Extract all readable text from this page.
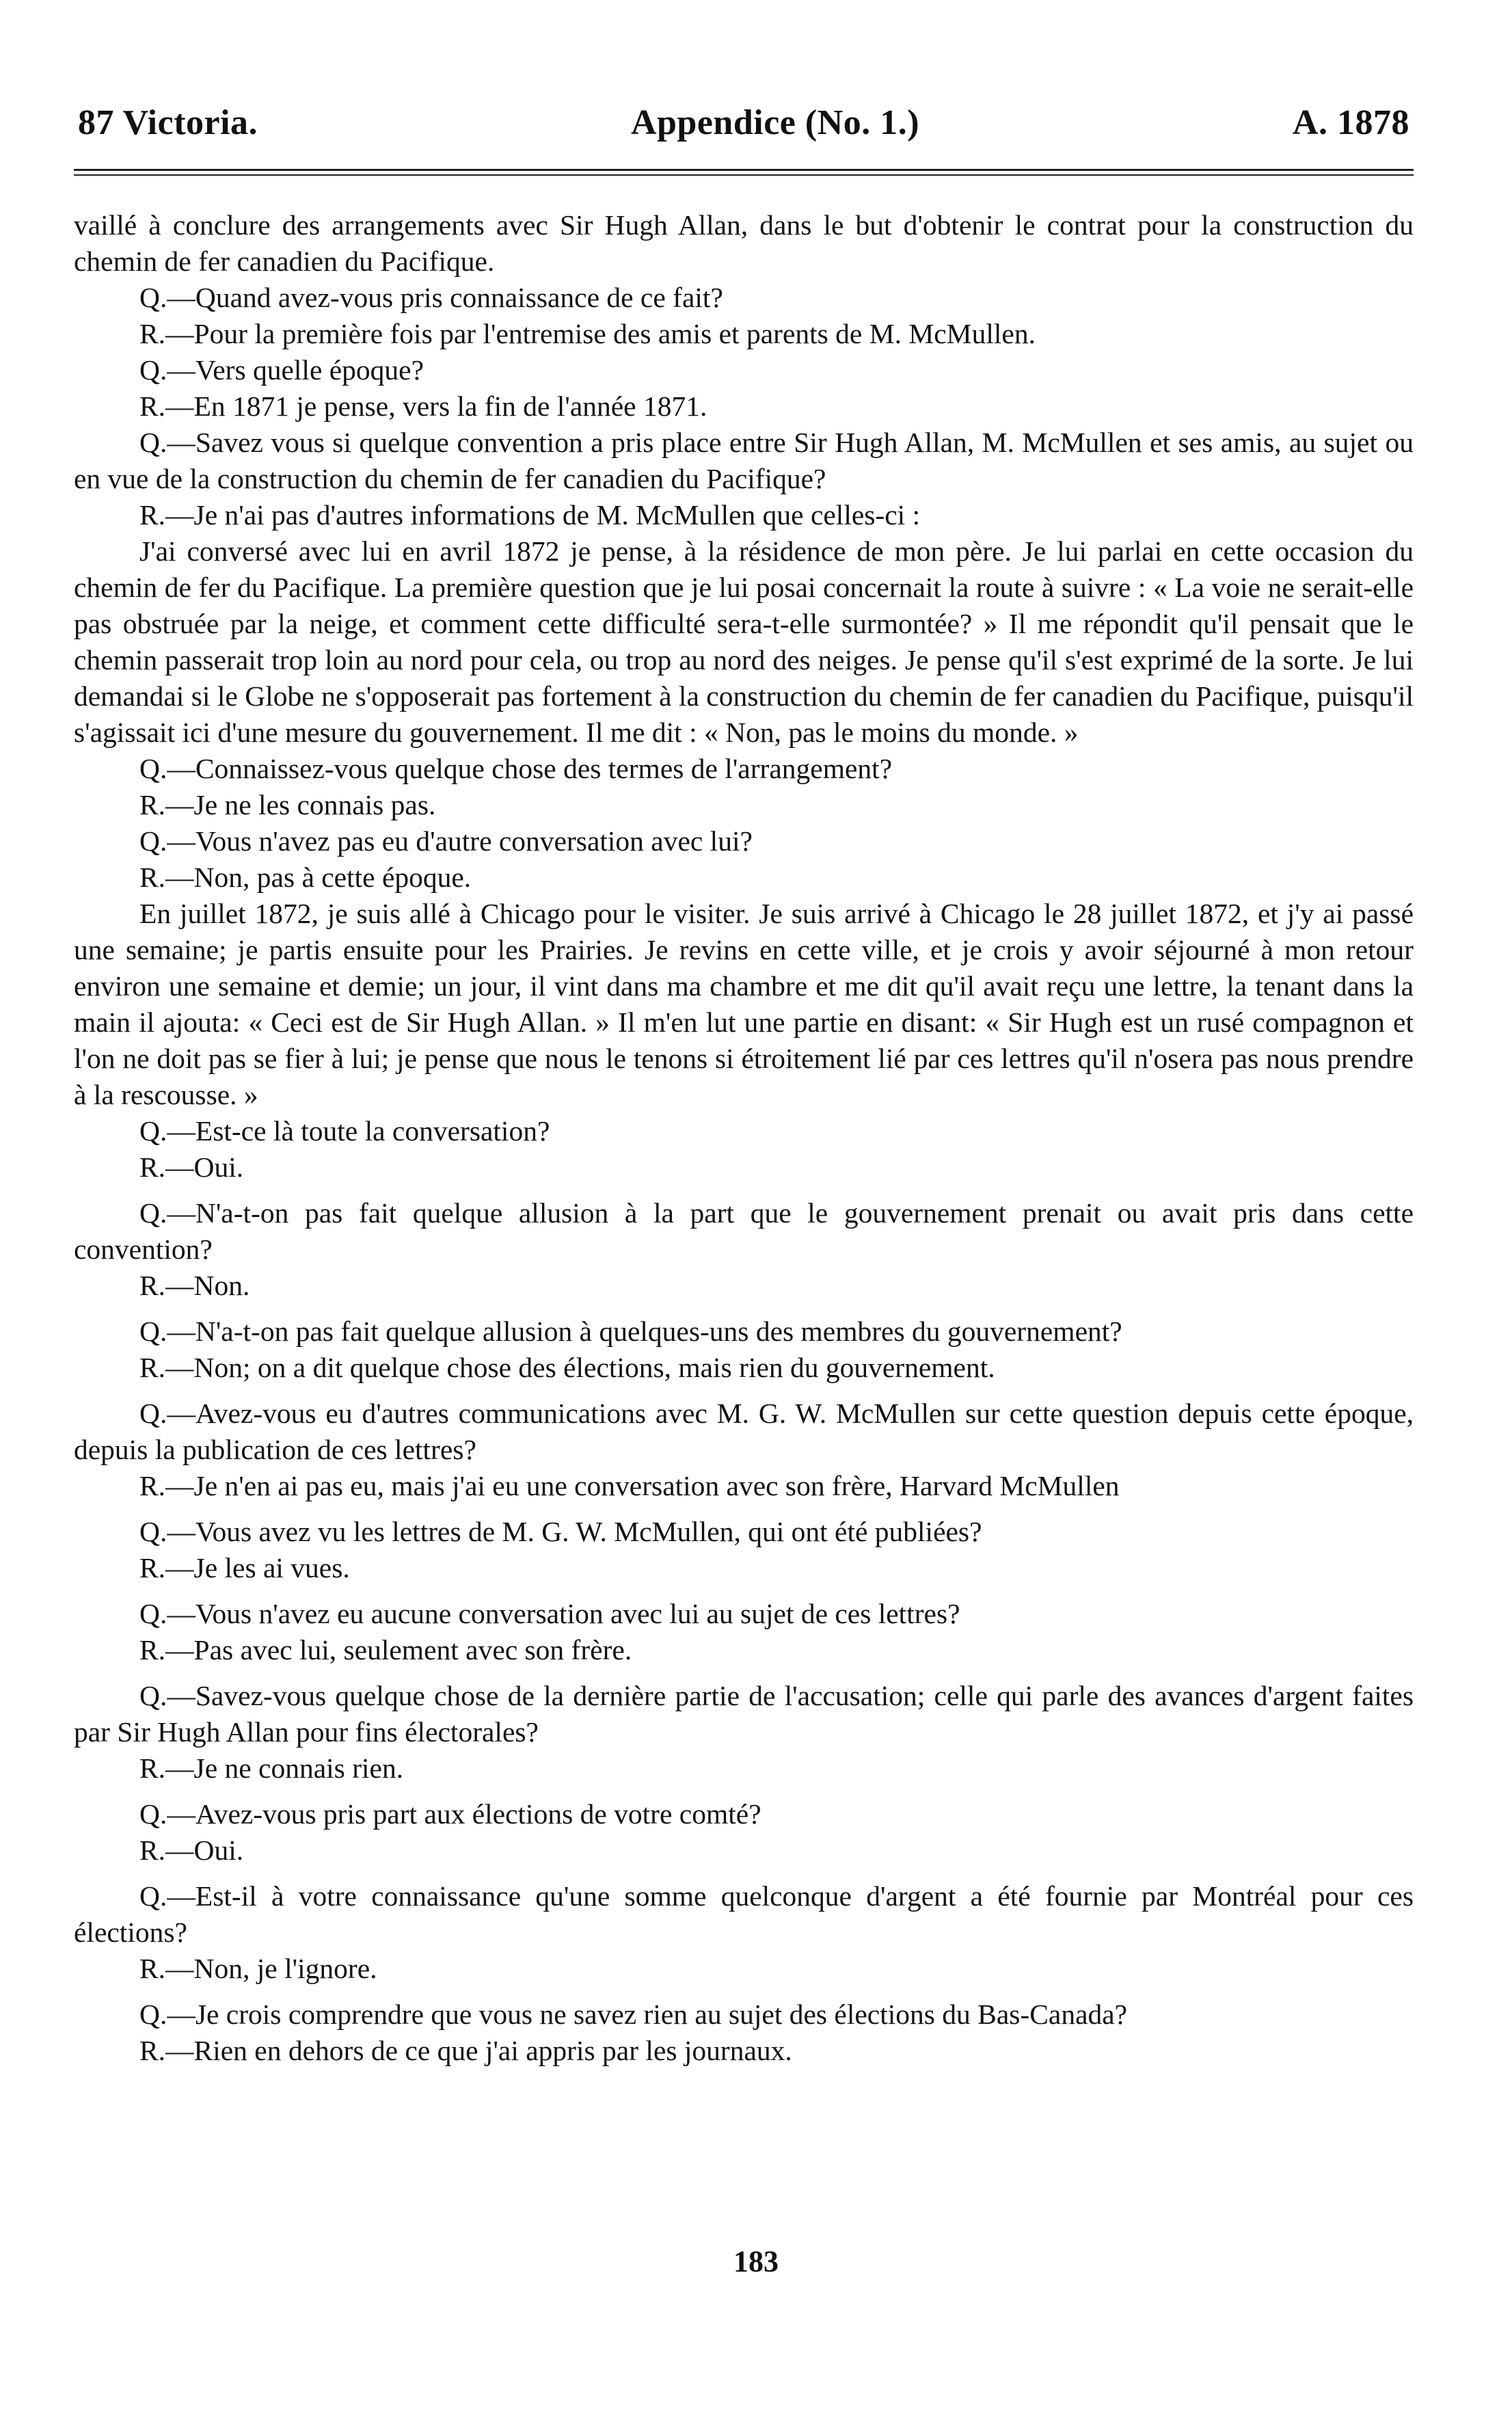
87 Victoria.	Appendice (No. 1.)	A. 1878

vaillé à conclure des arrangements avec Sir Hugh Allan, dans le but d'obtenir le contrat pour la construction du chemin de fer canadien du Pacifique.

Q.—Quand avez-vous pris connaissance de ce fait?

R.—Pour la première fois par l'entremise des amis et parents de M. McMullen.

Q.—Vers quelle époque?

R.—En 1871 je pense, vers la fin de l'année 1871.

Q.—Savez vous si quelque convention a pris place entre Sir Hugh Allan, M. McMullen et ses amis, au sujet ou en vue de la construction du chemin de fer canadien du Pacifique?

R.—Je n'ai pas d'autres informations de M. McMullen que celles-ci :

J'ai conversé avec lui en avril 1872 je pense, à la résidence de mon père. Je lui parlai en cette occasion du chemin de fer du Pacifique. La première question que je lui posai concernait la route à suivre : « La voie ne serait-elle pas obstruée par la neige, et comment cette difficulté sera-t-elle surmontée? » Il me répondit qu'il pensait que le chemin passerait trop loin au nord pour cela, ou trop au nord des neiges. Je pense qu'il s'est exprimé de la sorte. Je lui demandai si le Globe ne s'opposerait pas fortement à la construction du chemin de fer canadien du Pacifique, puisqu'il s'agissait ici d'une mesure du gouvernement. Il me dit : « Non, pas le moins du monde. »

Q.—Connaissez-vous quelque chose des termes de l'arrangement?

R.—Je ne les connais pas.

Q.—Vous n'avez pas eu d'autre conversation avec lui?

R.—Non, pas à cette époque.

En juillet 1872, je suis allé à Chicago pour le visiter. Je suis arrivé à Chicago le 28 juillet 1872, et j'y ai passé une semaine; je partis ensuite pour les Prairies. Je revins en cette ville, et je crois y avoir séjourné à mon retour environ une semaine et demie; un jour, il vint dans ma chambre et me dit qu'il avait reçu une lettre, la tenant dans la main il ajouta: « Ceci est de Sir Hugh Allan. » Il m'en lut une partie en disant: « Sir Hugh est un rusé compagnon et l'on ne doit pas se fier à lui; je pense que nous le tenons si étroitement lié par ces lettres qu'il n'osera pas nous prendre à la rescousse. »

Q.—Est-ce là toute la conversation?

R.—Oui.

Q.—N'a-t-on pas fait quelque allusion à la part que le gouvernement prenait ou avait pris dans cette convention?

R.—Non.

Q.—N'a-t-on pas fait quelque allusion à quelques-uns des membres du gouvernement?

R.—Non; on a dit quelque chose des élections, mais rien du gouvernement.

Q.—Avez-vous eu d'autres communications avec M. G. W. McMullen sur cette question depuis cette époque, depuis la publication de ces lettres?

R.—Je n'en ai pas eu, mais j'ai eu une conversation avec son frère, Harvard McMullen

Q.—Vous avez vu les lettres de M. G. W. McMullen, qui ont été publiées?

R.—Je les ai vues.

Q.—Vous n'avez eu aucune conversation avec lui au sujet de ces lettres?

R.—Pas avec lui, seulement avec son frère.

Q.—Savez-vous quelque chose de la dernière partie de l'accusation; celle qui parle des avances d'argent faites par Sir Hugh Allan pour fins électorales?

R.—Je ne connais rien.

Q.—Avez-vous pris part aux élections de votre comté?

R.—Oui.

Q.—Est-il à votre connaissance qu'une somme quelconque d'argent a été fournie par Montréal pour ces élections?

R.—Non, je l'ignore.

Q.—Je crois comprendre que vous ne savez rien au sujet des élections du Bas-Canada?

R.—Rien en dehors de ce que j'ai appris par les journaux.

183
